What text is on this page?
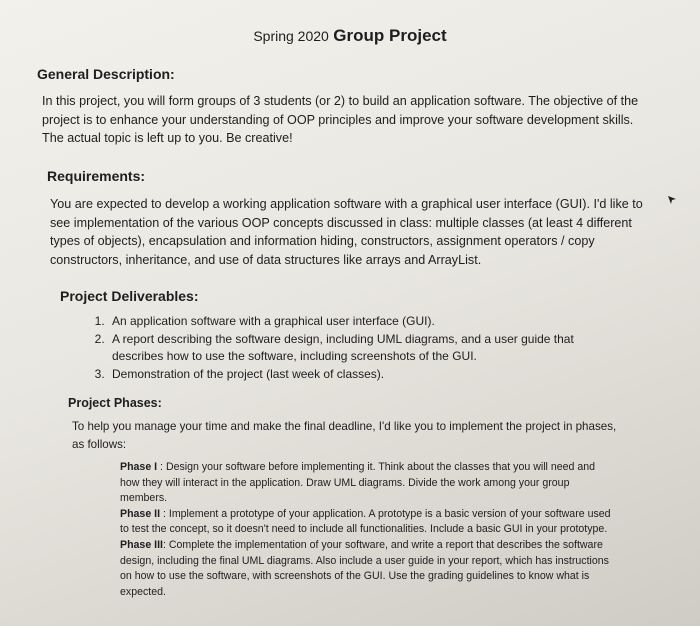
Spring 2020 Group Project
General Description:
In this project, you will form groups of 3 students (or 2) to build an application software. The objective of the project is to enhance your understanding of OOP principles and improve your software development skills. The actual topic is left up to you. Be creative!
Requirements:
You are expected to develop a working application software with a graphical user interface (GUI). I'd like to see implementation of the various OOP concepts discussed in class: multiple classes (at least 4 different types of objects), encapsulation and information hiding, constructors, assignment operators / copy constructors, inheritance, and use of data structures like arrays and ArrayList.
Project Deliverables:
1. An application software with a graphical user interface (GUI).
2. A report describing the software design, including UML diagrams, and a user guide that describes how to use the software, including screenshots of the GUI.
3. Demonstration of the project (last week of classes).
Project Phases:
To help you manage your time and make the final deadline, I'd like you to implement the project in phases, as follows:
Phase I : Design your software before implementing it. Think about the classes that you will need and how they will interact in the application. Draw UML diagrams. Divide the work among your group members.
Phase II : Implement a prototype of your application. A prototype is a basic version of your software used to test the concept, so it doesn't need to include all functionalities. Include a basic GUI in your prototype.
Phase III: Complete the implementation of your software, and write a report that describes the software design, including the final UML diagrams. Also include a user guide in your report, which has instructions on how to use the software, with screenshots of the GUI. Use the grading guidelines to know what is expected.
